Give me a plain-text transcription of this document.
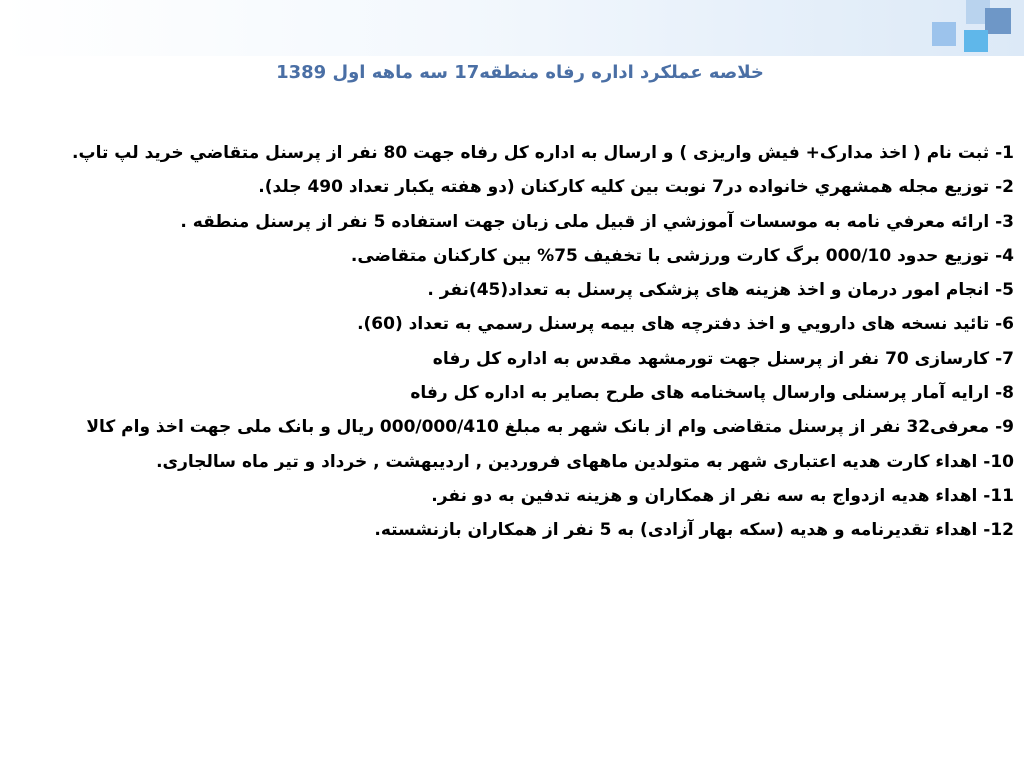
خلاصه عملکرد اداره رفاه منطقه17 سه ماهه اول 1389
1- ثبت نام ( اخذ مدارک+ فیش واریزی ) و ارسال به اداره کل رفاه جهت 80 نفر از پرسنل متقاضي خريد لپ تاپ.
2- توزيع مجله همشهري خانواده در7 نوبت بین کليه کارکنان (دو هفته يکبار تعداد 490 جلد).
3- ارائه معرفي نامه به موسسات آموزشي از قبیل ملی زبان جهت استفاده 5 نفر از پرسنل منطقه .
4- توزیع حدود 000/10 برگ کارت ورزشی با تخفیف 75% بین کارکنان متقاضی.
5- انجام امور درمان و اخذ هزینه های پزشکی پرسنل به تعداد(45)نفر .
6- تائيد نسخه های دارويي و اخذ دفترچه های بیمه پرسنل رسمي به تعداد (60).
7- کارسازی 70 نفر از پرسنل جهت تورمشهد مقدس به اداره کل رفاه
8- ارايه آمار پرسنلی وارسال پاسخنامه های طرح بصایر به اداره کل رفاه
9- معرفی32 نفر از پرسنل متقاضی وام از بانک شهر به مبلغ 000/000/410 ریال و بانک ملی جهت اخذ وام کالا
10- اهداء کارت هدیه اعتباری شهر به متولدین ماههای فروردین , اردیبهشت , خرداد و تیر ماه سالجاری.
11- اهداء هدیه ازدواج به سه نفر از همکاران و هزینه تدفین به دو نفر.
12- اهداء تقدیرنامه و هدیه (سکه بهار آزادی) به 5 نفر از همکاران بازنشسته.
